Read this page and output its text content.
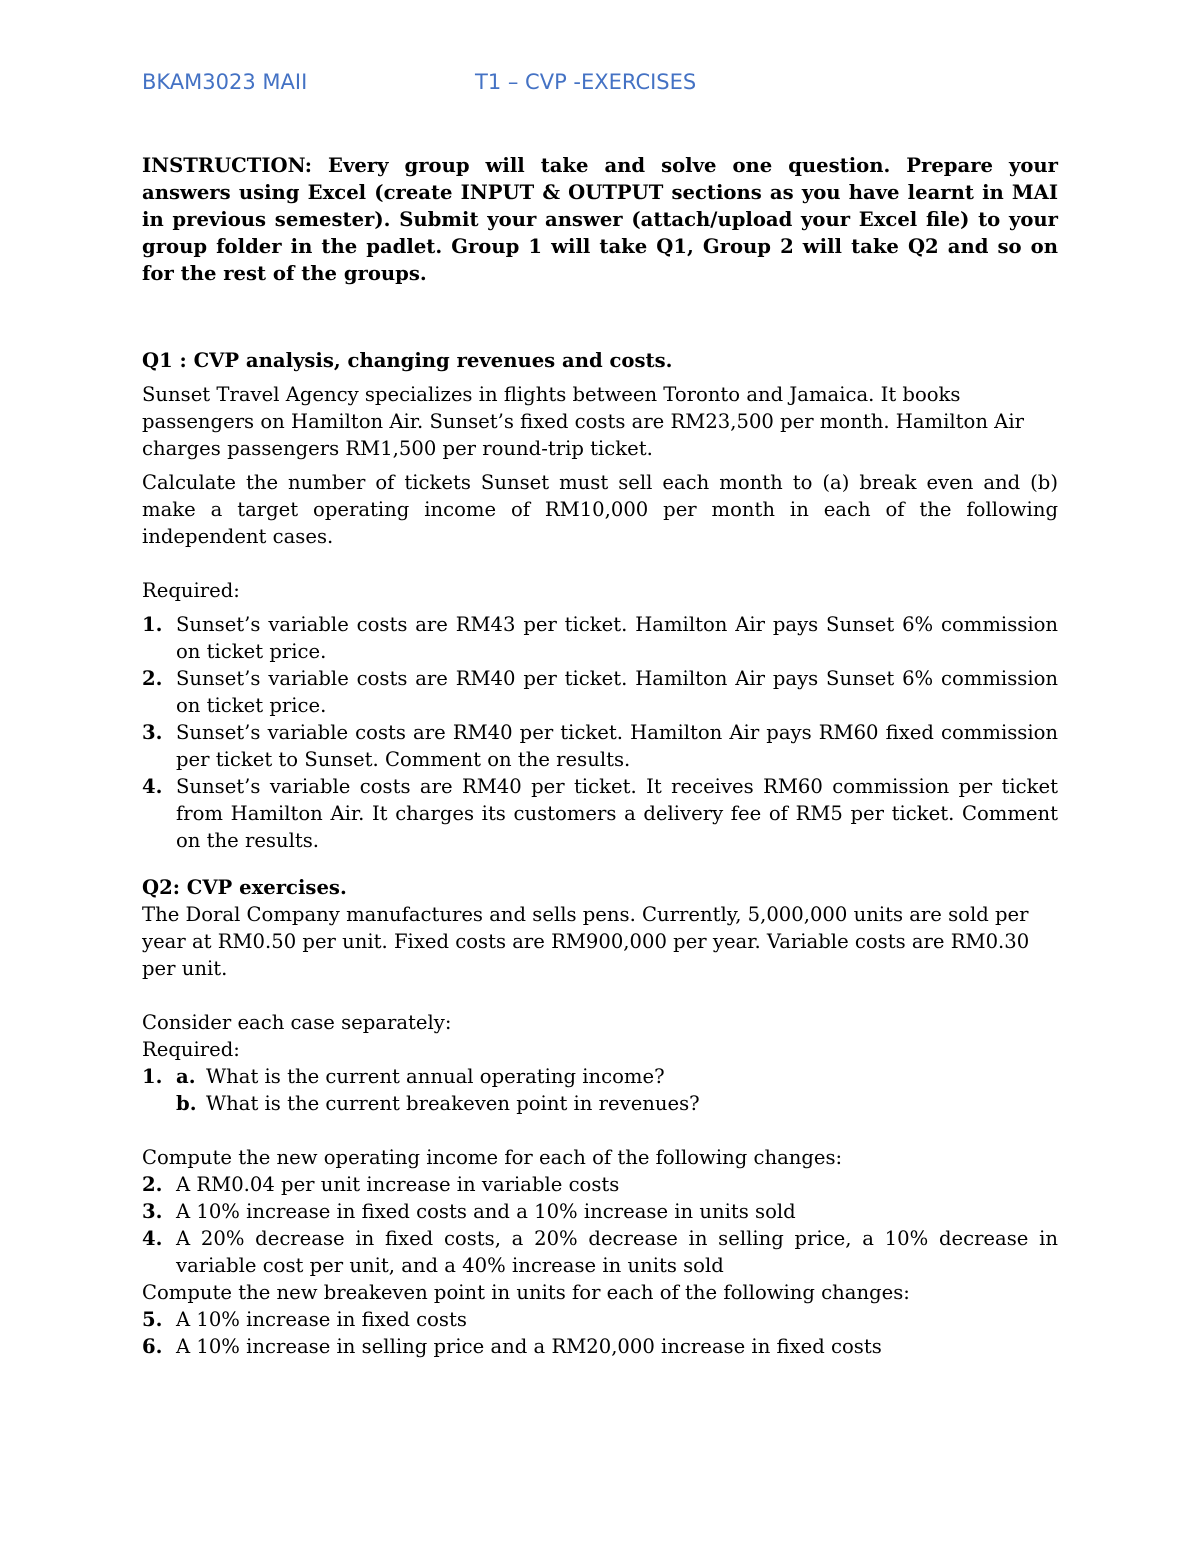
BKAM3023 MAII	T1 – CVP -EXERCISES

INSTRUCTION: Every group will take and solve one question. Prepare your answers using Excel (create INPUT & OUTPUT sections as you have learnt in MAI in previous semester). Submit your answer (attach/upload your Excel file) to your group folder in the padlet. Group 1 will take Q1, Group 2 will take Q2 and so on for the rest of the groups.

Q1 : CVP analysis, changing revenues and costs.

Sunset Travel Agency specializes in flights between Toronto and Jamaica. It books passengers on Hamilton Air. Sunset’s fixed costs are RM23,500 per month. Hamilton Air charges passengers RM1,500 per round-trip ticket.

Calculate the number of tickets Sunset must sell each month to (a) break even and (b) make a target operating income of RM10,000 per month in each of the following independent cases.

Required:

1. Sunset’s variable costs are RM43 per ticket. Hamilton Air pays Sunset 6% commission on ticket price.
2. Sunset’s variable costs are RM40 per ticket. Hamilton Air pays Sunset 6% commission on ticket price.
3. Sunset’s variable costs are RM40 per ticket. Hamilton Air pays RM60 fixed commission per ticket to Sunset. Comment on the results.
4. Sunset’s variable costs are RM40 per ticket. It receives RM60 commission per ticket from Hamilton Air. It charges its customers a delivery fee of RM5 per ticket. Comment on the results.

Q2: CVP exercises.

The Doral Company manufactures and sells pens. Currently, 5,000,000 units are sold per year at RM0.50 per unit. Fixed costs are RM900,000 per year. Variable costs are RM0.30 per unit.

Consider each case separately:

Required:

1. a. What is the current annual operating income?
b. What is the current breakeven point in revenues?

Compute the new operating income for each of the following changes:

2. A RM0.04 per unit increase in variable costs
3. A 10% increase in fixed costs and a 10% increase in units sold
4. A 20% decrease in fixed costs, a 20% decrease in selling price, a 10% decrease in variable cost per unit, and a 40% increase in units sold

Compute the new breakeven point in units for each of the following changes:

5. A 10% increase in fixed costs
6. A 10% increase in selling price and a RM20,000 increase in fixed costs
